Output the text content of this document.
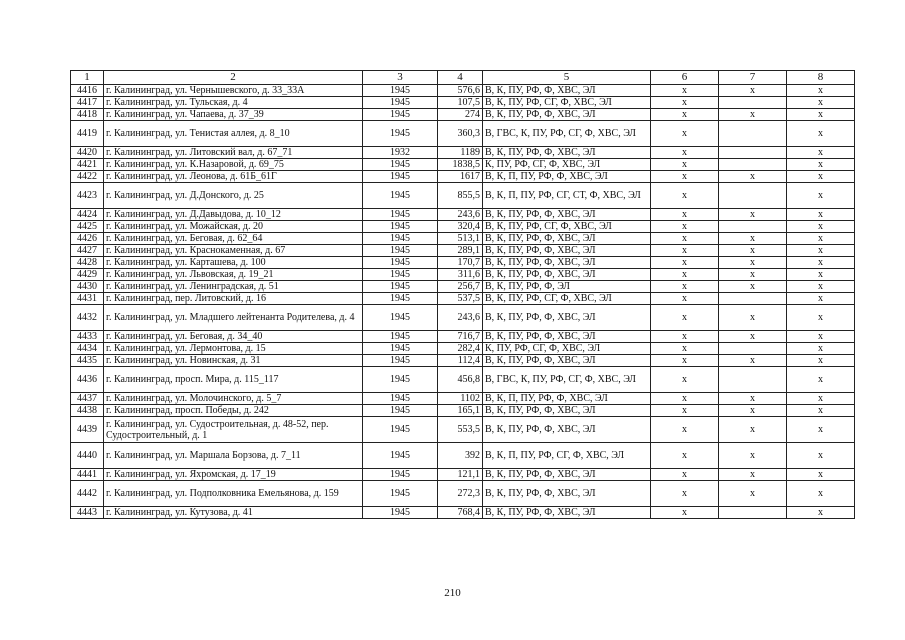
1	2	3	4	5	6	7	8
4416	г. Калининград, ул. Чернышевского, д. 33_33А	1945	576,6	В, К, ПУ, РФ, Ф, ХВС, ЭЛ	x	x	x
4417	г. Калининград, ул. Тульская, д. 4	1945	107,5	В, К, ПУ, РФ, СГ, Ф, ХВС, ЭЛ	x		x
4418	г. Калининград, ул. Чапаева, д. 37_39	1945	274	В, К, ПУ, РФ, Ф, ХВС, ЭЛ	x	x	x
4419	г. Калининград, ул. Тенистая аллея, д. 8_10	1945	360,3	В, ГВС, К, ПУ, РФ, СГ, Ф, ХВС, ЭЛ	x		x
4420	г. Калининград, ул. Литовский вал, д. 67_71	1932	1189	В, К, ПУ, РФ, Ф, ХВС, ЭЛ	x		x
4421	г. Калининград, ул. К.Назаровой, д. 69_75	1945	1838,5	К, ПУ, РФ, СГ, Ф, ХВС, ЭЛ	x		x
4422	г. Калининград, ул. Леонова, д. 61Б_61Г	1945	1617	В, К, П, ПУ, РФ, Ф, ХВС, ЭЛ	x	x	x
4423	г. Калининград, ул. Д.Донского, д. 25	1945	855,5	В, К, П, ПУ, РФ, СГ, СТ, Ф, ХВС, ЭЛ	x		x
4424	г. Калининград, ул. Д.Давыдова, д. 10_12	1945	243,6	В, К, ПУ, РФ, Ф, ХВС, ЭЛ	x	x	x
4425	г. Калининград, ул. Можайская, д. 20	1945	320,4	В, К, ПУ, РФ, СГ, Ф, ХВС, ЭЛ	x		x
4426	г. Калининград, ул. Беговая, д. 62_64	1945	513,1	В, К, ПУ, РФ, Ф, ХВС, ЭЛ	x	x	x
4427	г. Калининград, ул. Краснокаменная, д. 67	1945	289,1	В, К, ПУ, РФ, Ф, ХВС, ЭЛ	x	x	x
4428	г. Калининград, ул. Карташева, д. 100	1945	170,7	В, К, ПУ, РФ, Ф, ХВС, ЭЛ	x	x	x
4429	г. Калининград, ул. Львовская, д. 19_21	1945	311,6	В, К, ПУ, РФ, Ф, ХВС, ЭЛ	x	x	x
4430	г. Калининград, ул. Ленинградская, д. 51	1945	256,7	В, К, ПУ, РФ, Ф, ЭЛ	x	x	x
4431	г. Калининград, пер. Литовский, д. 16	1945	537,5	В, К, ПУ, РФ, СГ, Ф, ХВС, ЭЛ	x		x
4432	г. Калининград, ул. Младшего лейтенанта Родителева, д. 4	1945	243,6	В, К, ПУ, РФ, Ф, ХВС, ЭЛ	x	x	x
4433	г. Калининград, ул. Беговая, д. 34_40	1945	716,7	В, К, ПУ, РФ, Ф, ХВС, ЭЛ	x	x	x
4434	г. Калининград, ул. Лермонтова, д. 15	1945	282,4	К, ПУ, РФ, СГ, Ф, ХВС, ЭЛ	x		x
4435	г. Калининград, ул. Новинская, д. 31	1945	112,4	В, К, ПУ, РФ, Ф, ХВС, ЭЛ	x	x	x
4436	г. Калининград, просп. Мира, д. 115_117	1945	456,8	В, ГВС, К, ПУ, РФ, СГ, Ф, ХВС, ЭЛ	x		x
4437	г. Калининград, ул. Молочинского, д. 5_7	1945	1102	В, К, П, ПУ, РФ, Ф, ХВС, ЭЛ	x	x	x
4438	г. Калининград, просп. Победы, д. 242	1945	165,1	В, К, ПУ, РФ, Ф, ХВС, ЭЛ	x	x	x
4439	г. Калининград, ул. Судостроительная, д. 48-52, пер. Судостроительный, д. 1	1945	553,5	В, К, ПУ, РФ, Ф, ХВС, ЭЛ	x	x	x
4440	г. Калининград, ул. Маршала Борзова, д. 7_11	1945	392	В, К, П, ПУ, РФ, СГ, Ф, ХВС, ЭЛ	x	x	x
4441	г. Калининград, ул. Яхромская, д. 17_19	1945	121,1	В, К, ПУ, РФ, Ф, ХВС, ЭЛ	x	x	x
4442	г. Калининград, ул. Подполковника Емельянова, д. 159	1945	272,3	В, К, ПУ, РФ, Ф, ХВС, ЭЛ	x	x	x
4443	г. Калининград, ул. Кутузова, д. 41	1945	768,4	В, К, ПУ, РФ, Ф, ХВС, ЭЛ	x		x
210
